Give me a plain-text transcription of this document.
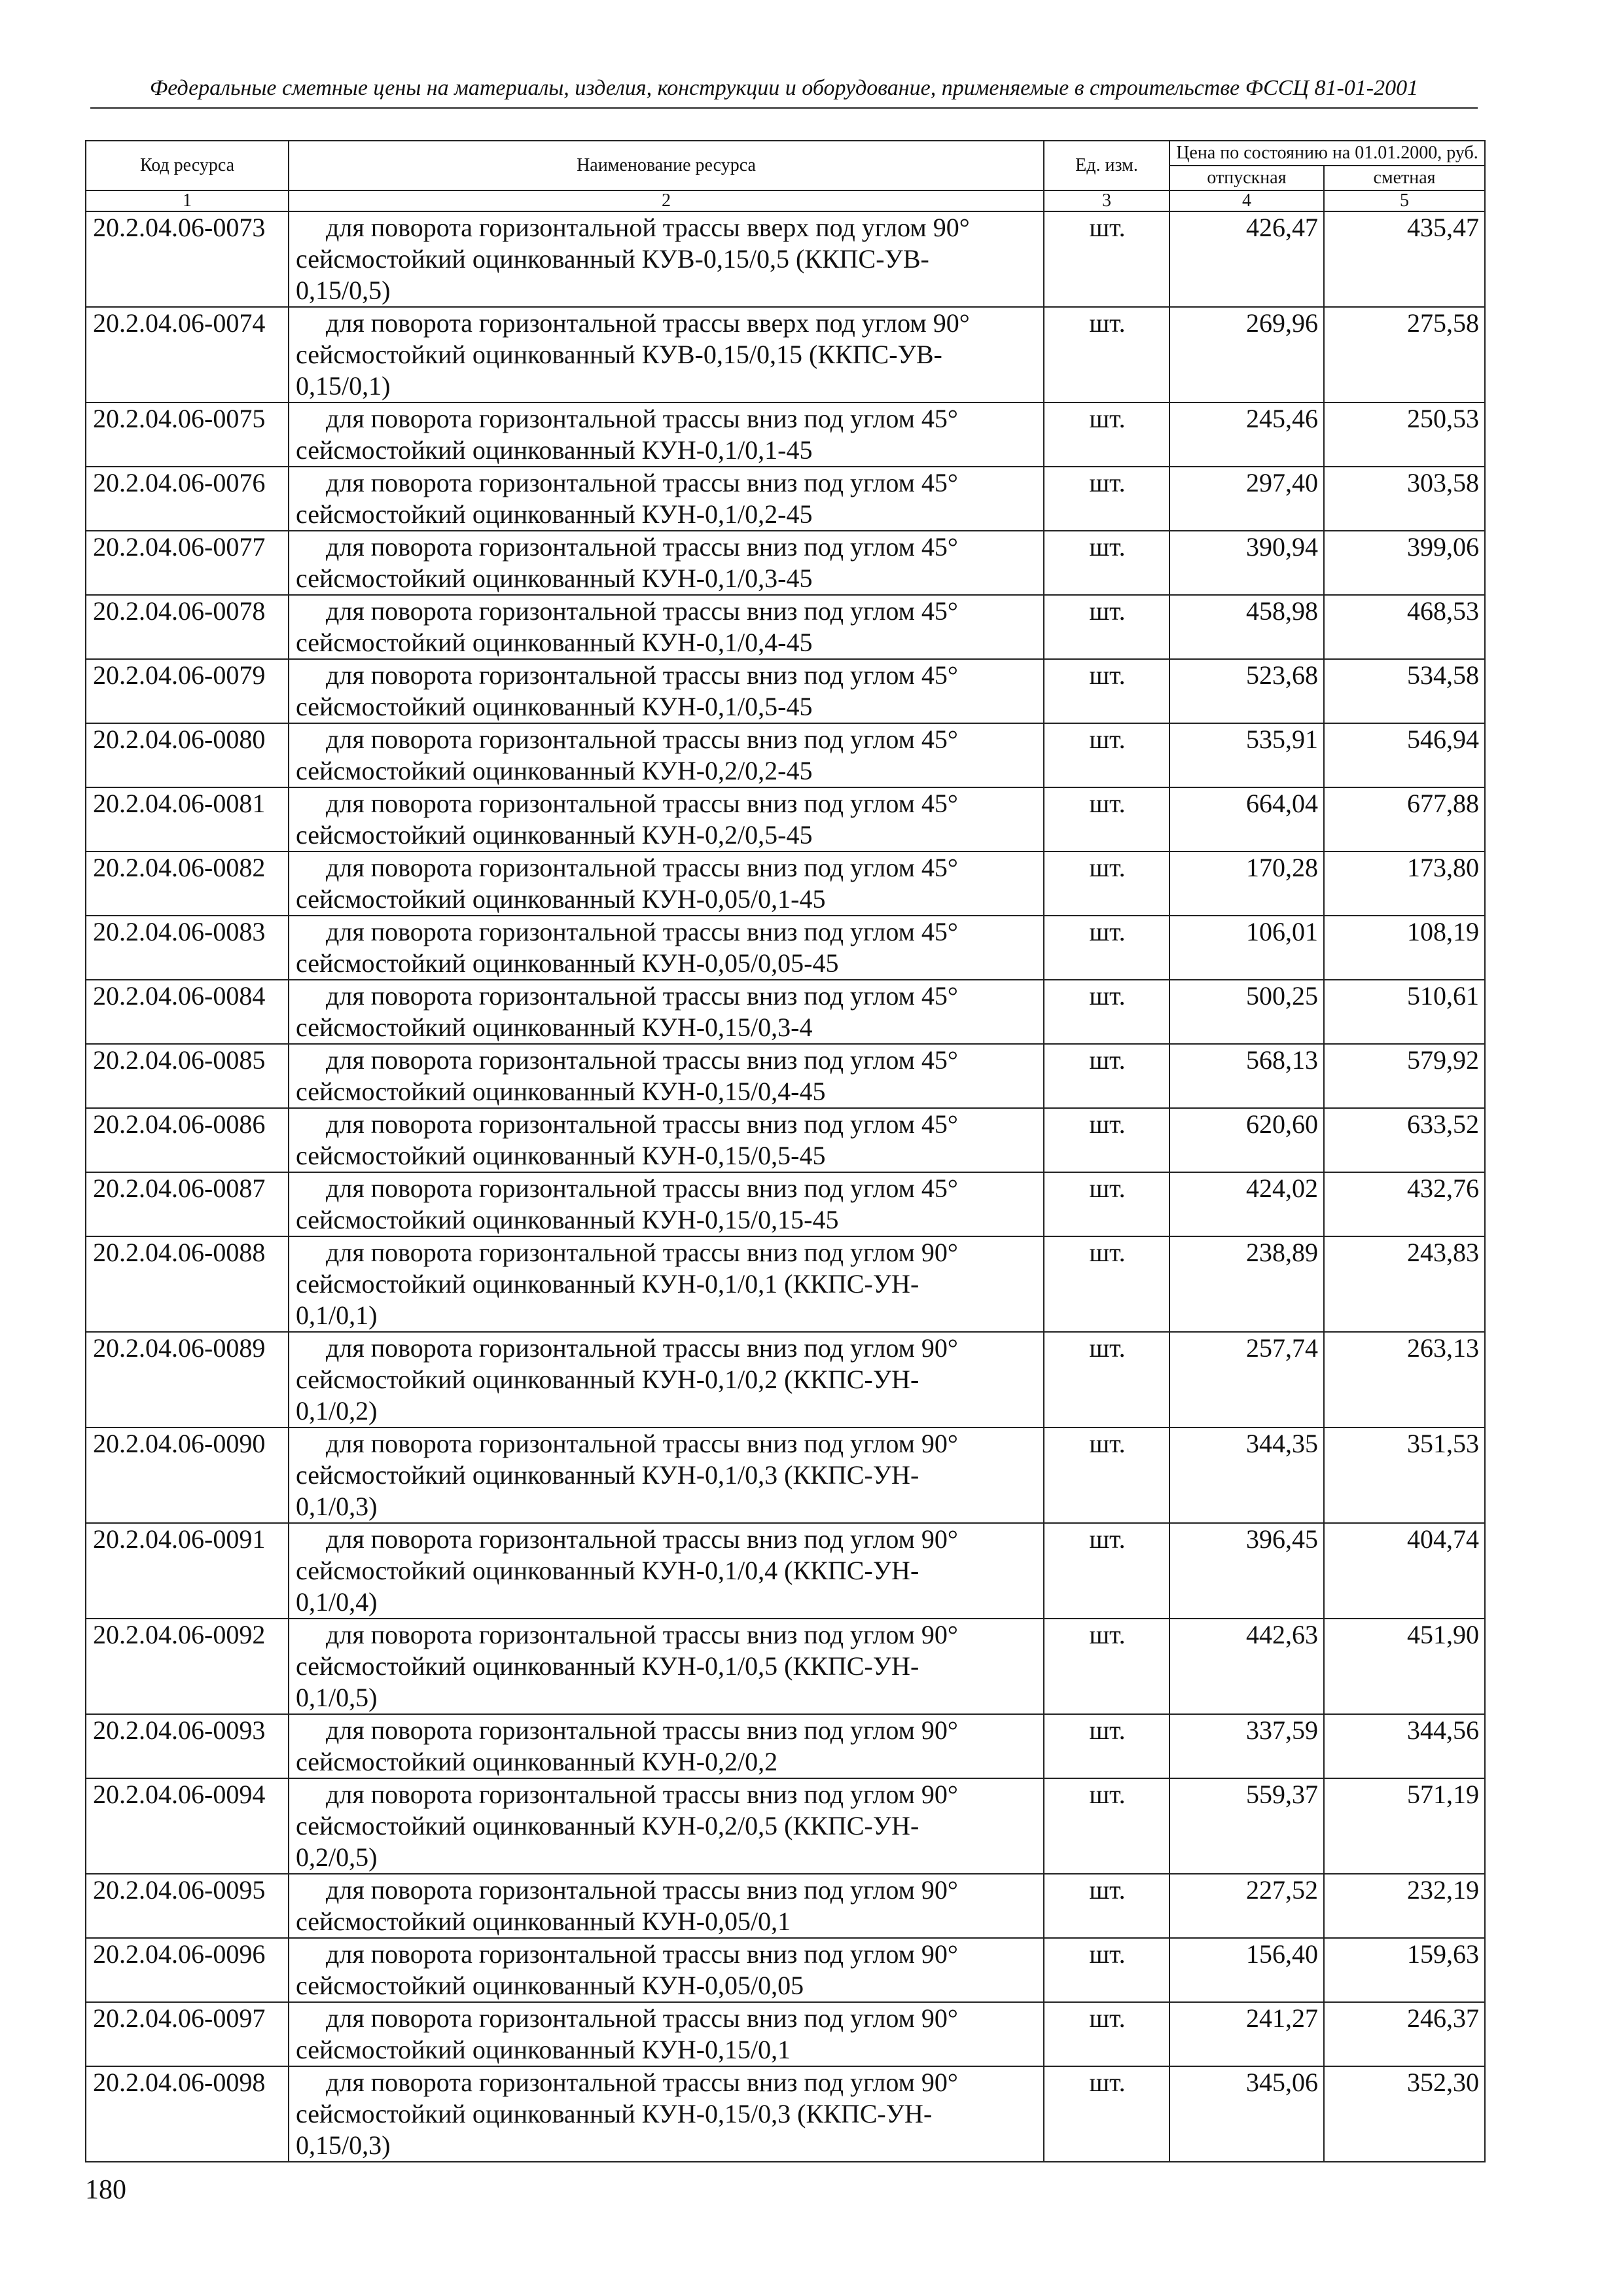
Федеральные сметные цены на материалы, изделия, конструкции и оборудование, применяемые в строительстве ФССЦ 81-01-2001
Код ресурса	Наименование ресурса	Ед. изм.	Цена по состоянию на 01.01.2000, руб.	
			отпускная	сметная
1	2	3	4	5
20.2.04.06-0073	для поворота горизонтальной трассы вверх под углом 90°
сейсмостойкий оцинкованный КУВ-0,15/0,5 (ККПС-УВ-
0,15/0,5)	шт.	426,47	435,47
20.2.04.06-0074	для поворота горизонтальной трассы вверх под углом 90°
сейсмостойкий оцинкованный КУВ-0,15/0,15 (ККПС-УВ-
0,15/0,1)	шт.	269,96	275,58
20.2.04.06-0075	для поворота горизонтальной трассы вниз под углом 45°
сейсмостойкий оцинкованный КУН-0,1/0,1-45	шт.	245,46	250,53
20.2.04.06-0076	для поворота горизонтальной трассы вниз под углом 45°
сейсмостойкий оцинкованный КУН-0,1/0,2-45	шт.	297,40	303,58
20.2.04.06-0077	для поворота горизонтальной трассы вниз под углом 45°
сейсмостойкий оцинкованный КУН-0,1/0,3-45	шт.	390,94	399,06
20.2.04.06-0078	для поворота горизонтальной трассы вниз под углом 45°
сейсмостойкий оцинкованный КУН-0,1/0,4-45	шт.	458,98	468,53
20.2.04.06-0079	для поворота горизонтальной трассы вниз под углом 45°
сейсмостойкий оцинкованный КУН-0,1/0,5-45	шт.	523,68	534,58
20.2.04.06-0080	для поворота горизонтальной трассы вниз под углом 45°
сейсмостойкий оцинкованный КУН-0,2/0,2-45	шт.	535,91	546,94
20.2.04.06-0081	для поворота горизонтальной трассы вниз под углом 45°
сейсмостойкий оцинкованный КУН-0,2/0,5-45	шт.	664,04	677,88
20.2.04.06-0082	для поворота горизонтальной трассы вниз под углом 45°
сейсмостойкий оцинкованный КУН-0,05/0,1-45	шт.	170,28	173,80
20.2.04.06-0083	для поворота горизонтальной трассы вниз под углом 45°
сейсмостойкий оцинкованный КУН-0,05/0,05-45	шт.	106,01	108,19
20.2.04.06-0084	для поворота горизонтальной трассы вниз под углом 45°
сейсмостойкий оцинкованный КУН-0,15/0,3-4	шт.	500,25	510,61
20.2.04.06-0085	для поворота горизонтальной трассы вниз под углом 45°
сейсмостойкий оцинкованный КУН-0,15/0,4-45	шт.	568,13	579,92
20.2.04.06-0086	для поворота горизонтальной трассы вниз под углом 45°
сейсмостойкий оцинкованный КУН-0,15/0,5-45	шт.	620,60	633,52
20.2.04.06-0087	для поворота горизонтальной трассы вниз под углом 45°
сейсмостойкий оцинкованный КУН-0,15/0,15-45	шт.	424,02	432,76
20.2.04.06-0088	для поворота горизонтальной трассы вниз под углом 90°
сейсмостойкий оцинкованный КУН-0,1/0,1 (ККПС-УН-
0,1/0,1)	шт.	238,89	243,83
20.2.04.06-0089	для поворота горизонтальной трассы вниз под углом 90°
сейсмостойкий оцинкованный КУН-0,1/0,2 (ККПС-УН-
0,1/0,2)	шт.	257,74	263,13
20.2.04.06-0090	для поворота горизонтальной трассы вниз под углом 90°
сейсмостойкий оцинкованный КУН-0,1/0,3 (ККПС-УН-
0,1/0,3)	шт.	344,35	351,53
20.2.04.06-0091	для поворота горизонтальной трассы вниз под углом 90°
сейсмостойкий оцинкованный КУН-0,1/0,4 (ККПС-УН-
0,1/0,4)	шт.	396,45	404,74
20.2.04.06-0092	для поворота горизонтальной трассы вниз под углом 90°
сейсмостойкий оцинкованный КУН-0,1/0,5 (ККПС-УН-
0,1/0,5)	шт.	442,63	451,90
20.2.04.06-0093	для поворота горизонтальной трассы вниз под углом 90°
сейсмостойкий оцинкованный КУН-0,2/0,2	шт.	337,59	344,56
20.2.04.06-0094	для поворота горизонтальной трассы вниз под углом 90°
сейсмостойкий оцинкованный КУН-0,2/0,5 (ККПС-УН-
0,2/0,5)	шт.	559,37	571,19
20.2.04.06-0095	для поворота горизонтальной трассы вниз под углом 90°
сейсмостойкий оцинкованный КУН-0,05/0,1	шт.	227,52	232,19
20.2.04.06-0096	для поворота горизонтальной трассы вниз под углом 90°
сейсмостойкий оцинкованный КУН-0,05/0,05	шт.	156,40	159,63
20.2.04.06-0097	для поворота горизонтальной трассы вниз под углом 90°
сейсмостойкий оцинкованный КУН-0,15/0,1	шт.	241,27	246,37
20.2.04.06-0098	для поворота горизонтальной трассы вниз под углом 90°
сейсмостойкий оцинкованный КУН-0,15/0,3 (ККПС-УН-
0,15/0,3)	шт.	345,06	352,30
180
